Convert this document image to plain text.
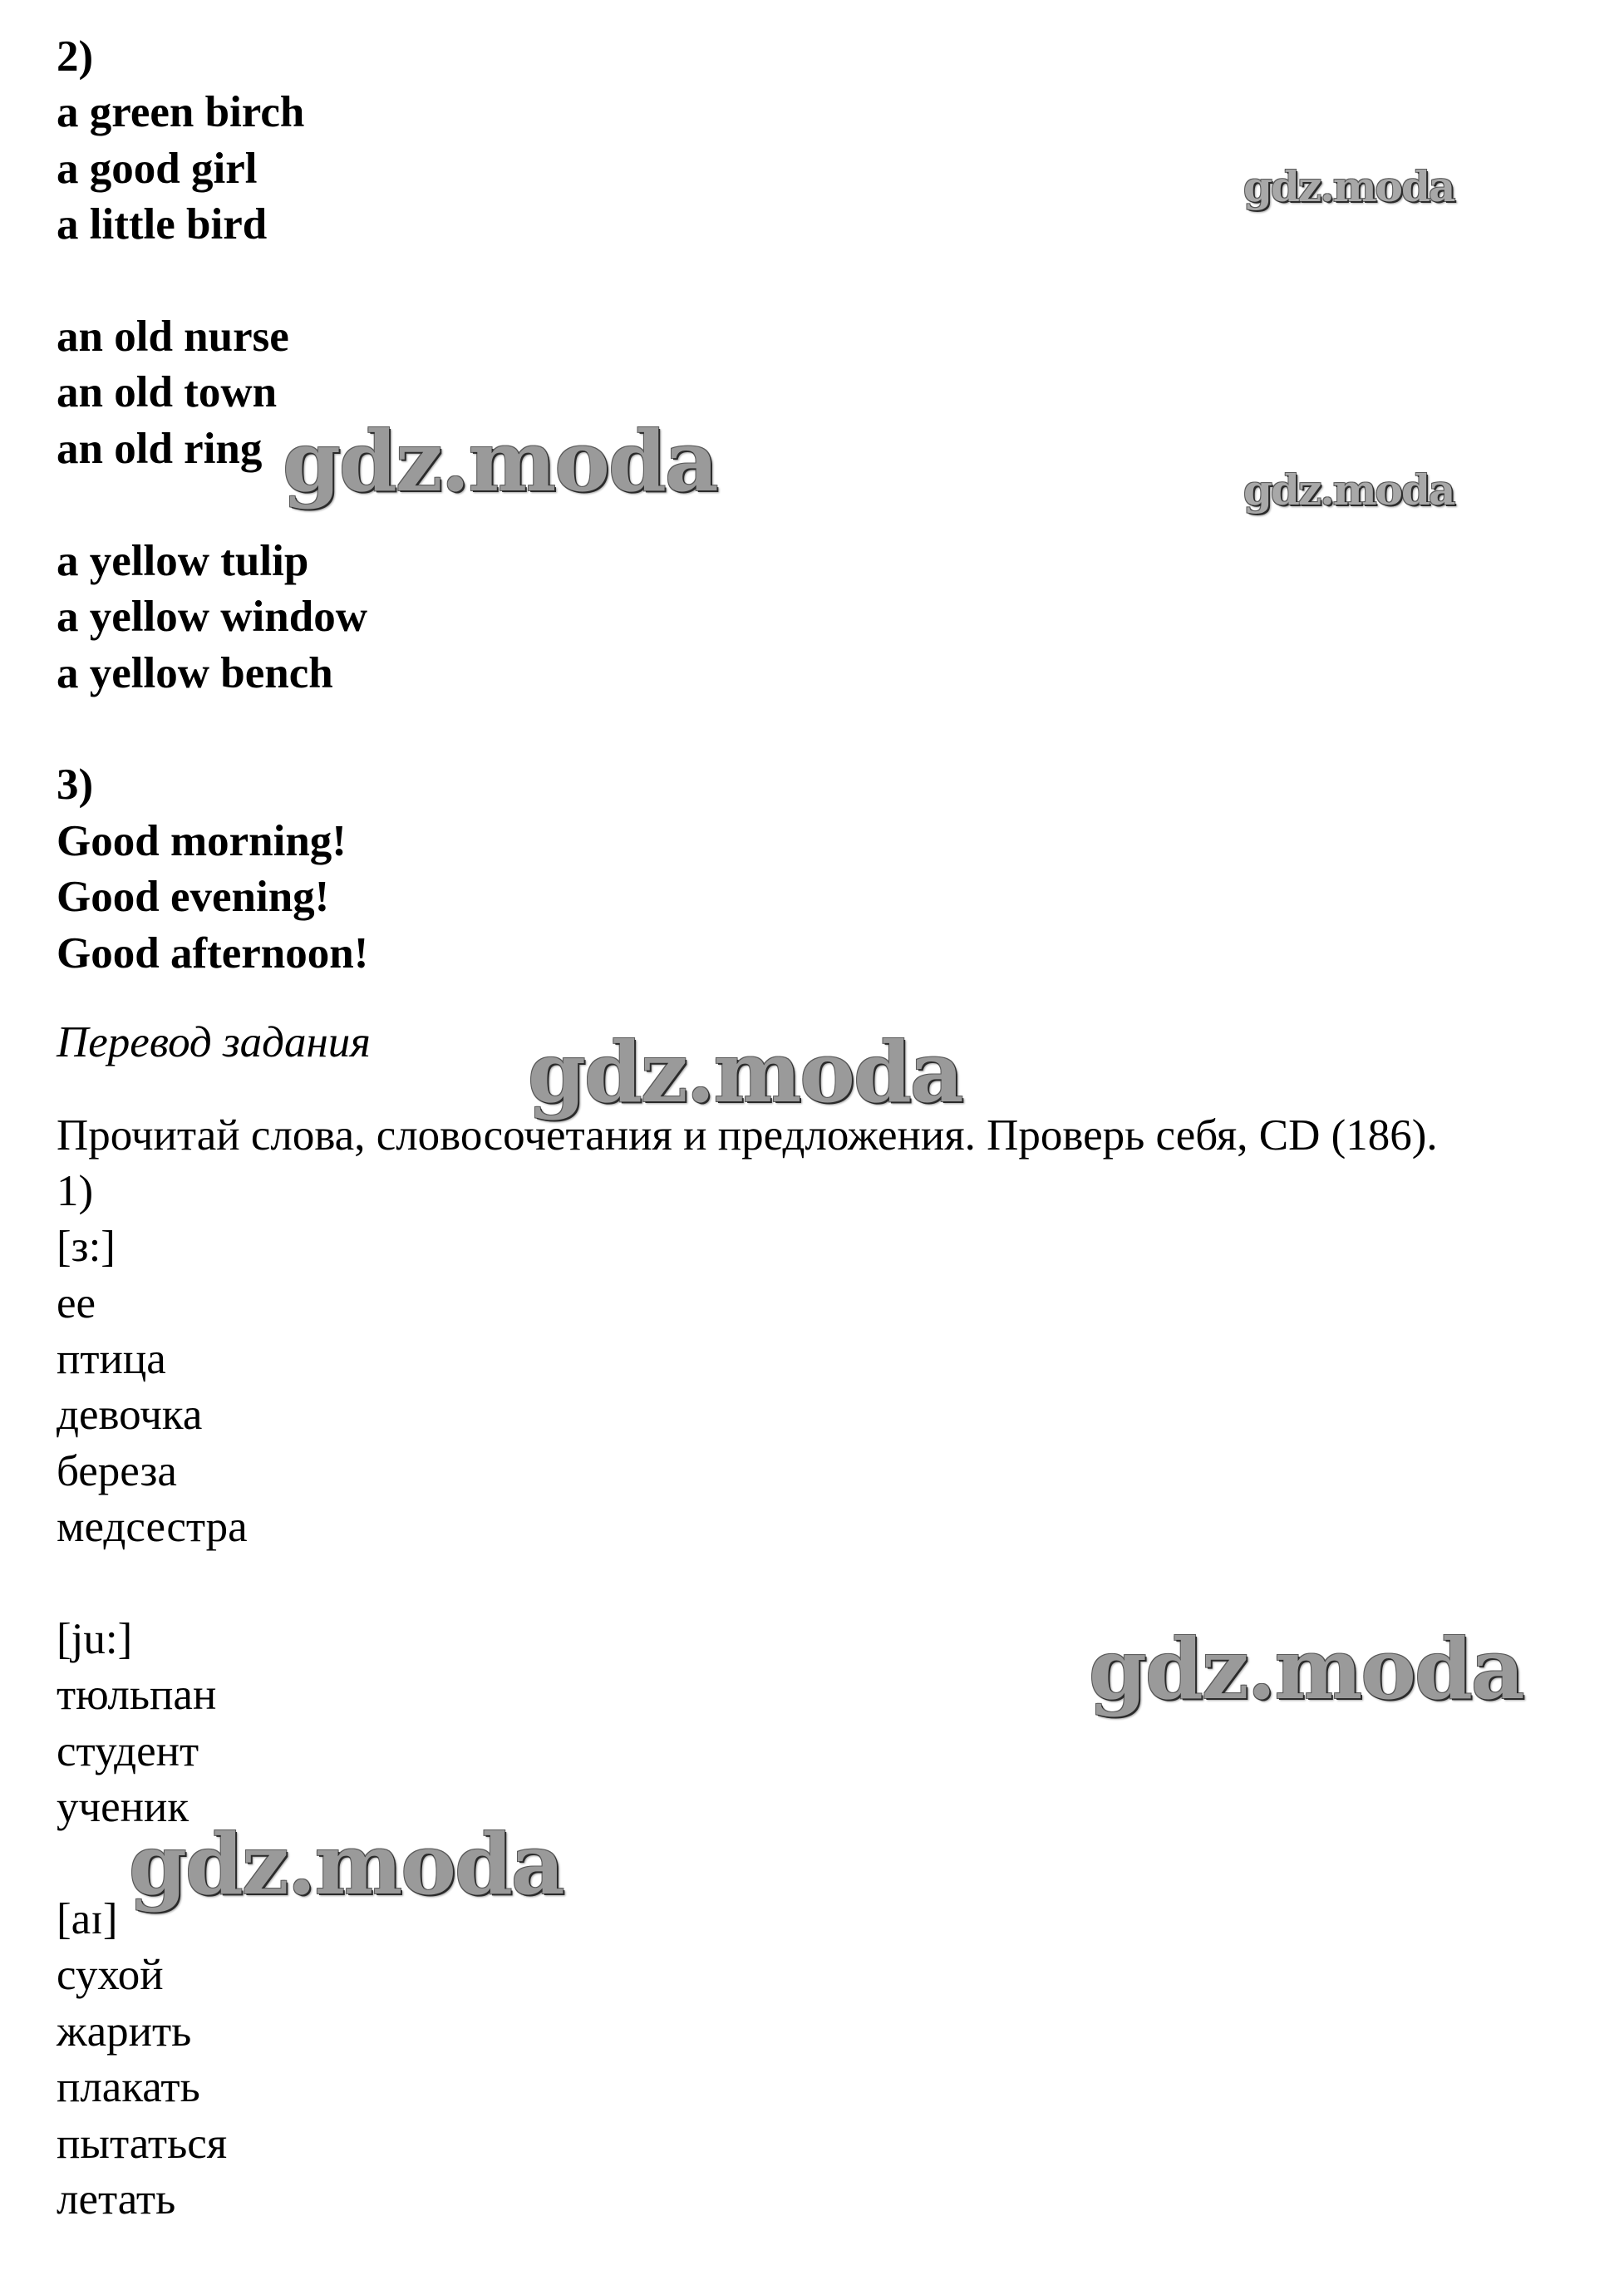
2)
a green birch
a good girl
a little bird
an old nurse
an old town
an old ring
a yellow tulip
a yellow window
a yellow bench
3)
Good morning!
Good evening!
Good afternoon!
Перевод задания
Прочитай слова, словосочетания и предложения. Проверь себя, CD (186).
1)
[з:]
ее
птица
девочка
береза
медсестра
[ju:]
тюльпан
студент
ученик
[aɪ]
сухой
жарить
плакать
пытаться
летать
gdz.moda
gdz.moda	gdz.moda
gdz.moda
gdz.moda
gdz.moda
